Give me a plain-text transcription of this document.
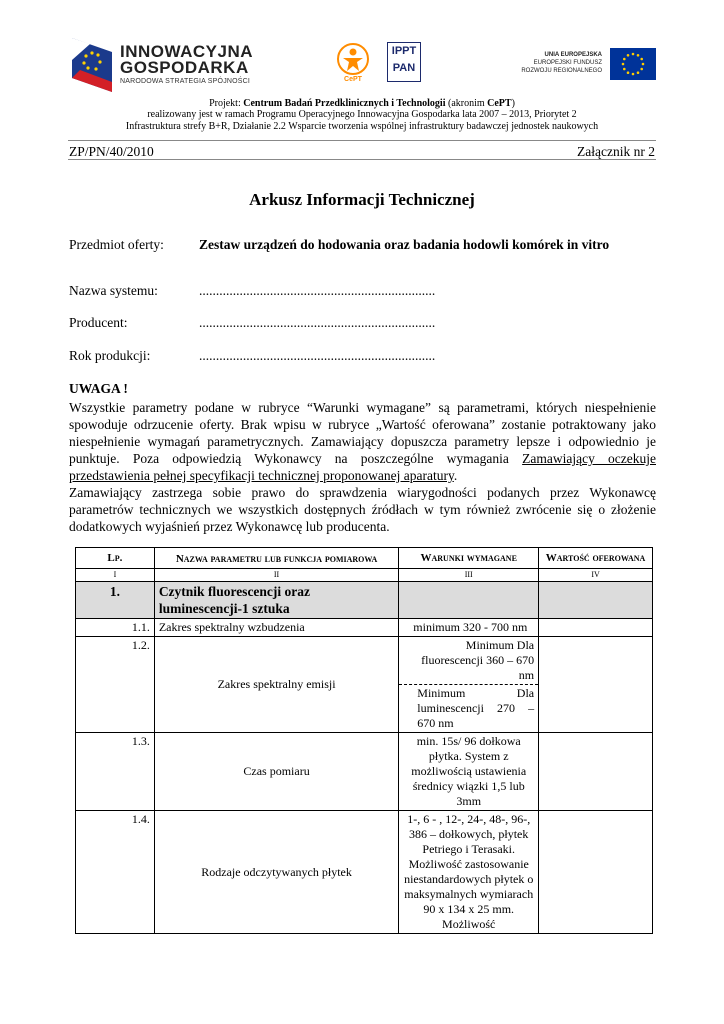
INNOWACYJNA
GOSPODARKA
NARODOWA STRATEGIA SPÓJNOŚCI	CePT
IPPT
PAN
UNIA EUROPEJSKA
EUROPEJSKI FUNDUSZ
ROZWOJU REGIONALNEGO
Projekt: Centrum Badań Przedklinicznych i Technologii (akronim CePT)
realizowany jest w ramach Programu Operacyjnego Innowacyjna Gospodarka lata 2007 – 2013, Priorytet 2
Infrastruktura strefy B+R, Działanie 2.2 Wsparcie tworzenia wspólnej infrastruktury badawczej jednostek naukowych
ZP/PN/40/2010	Załącznik nr 2
Arkusz Informacji Technicznej
Przedmiot oferty:	Zestaw urządzeń do hodowania oraz badania hodowli komórek in vitro
Nazwa systemu:	......................................................................
Producent:	......................................................................
Rok produkcji:	......................................................................
UWAGA !

Wszystkie parametry podane w rubryce “Warunki wymagane” są parametrami, których niespełnienie spowoduje odrzucenie oferty. Brak wpisu w rubryce „Wartość oferowana” zostanie potraktowany jako niespełnienie wymagań parametrycznych. Zamawiający dopuszcza parametry lepsze i odpowiednio je punktuje. Poza odpowiedzią Wykonawcy na poszczególne wymagania Zamawiający oczekuje przedstawienia pełnej specyfikacji technicznej proponowanej aparatury.

Zamawiający zastrzega sobie prawo do sprawdzenia wiarygodności podanych przez Wykonawcę parametrów technicznych we wszystkich dostępnych źródłach w tym również zwrócenie się o złożenie dodatkowych wyjaśnień przez Wykonawcę lub producenta.

Lp.	Nazwa parametru lub funkcja pomiarowa	Warunki wymagane	Wartość oferowana
I	II	III	IV
1.	Czytnik fluorescencji oraz luminescencji-1 sztuka		
1.1.	Zakres spektralny wzbudzenia	minimum 320 - 700 nm	
1.2.	Zakres spektralny emisji	Minimum Dla fluorescencji 360 – 670 nm
Minimum Dla luminescencji 270 – 670 nm	

1.3.	Czas pomiaru	min. 15s/ 96 dołkowa płytka. System z możliwością ustawienia średnicy wiązki 1,5 lub 3mm	
1.4.	Rodzaje odczytywanych płytek	1-, 6 - , 12-, 24-, 48-, 96-, 386 – dołkowych, płytek Petriego i Terasaki. Możliwość zastosowanie niestandardowych płytek o maksymalnych wymiarach 90 x 134 x 25 mm. Możliwość	
